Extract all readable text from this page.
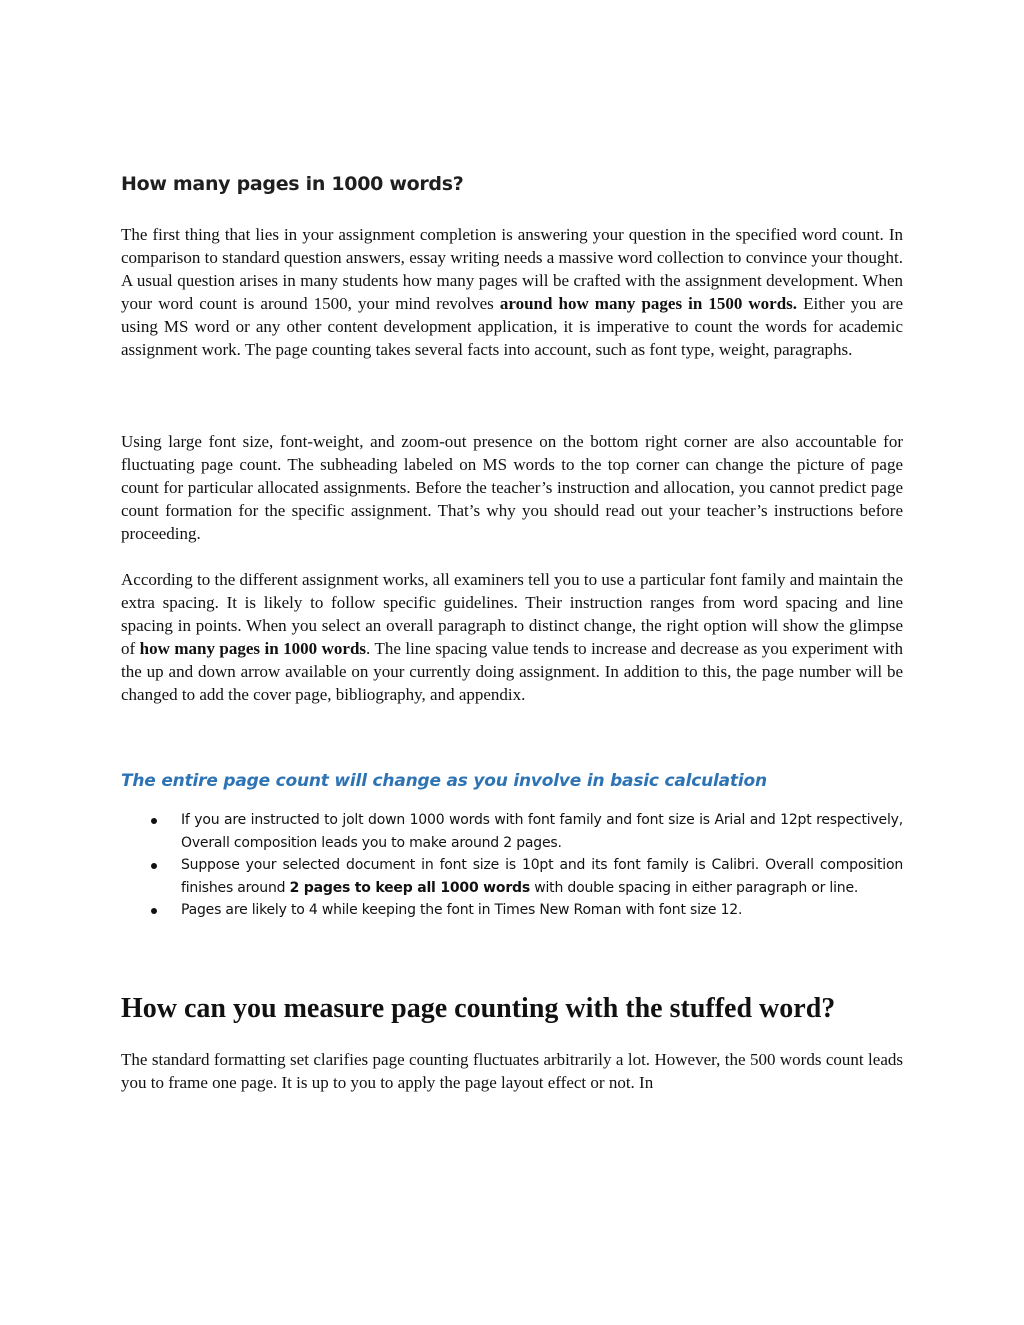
How many pages in 1000 words?

The first thing that lies in your assignment completion is answering your question in the specified word count. In comparison to standard question answers, essay writing needs a massive word collection to convince your thought. A usual question arises in many students how many pages will be crafted with the assignment development. When your word count is around 1500, your mind revolves around how many pages in 1500 words. Either you are using MS word or any other content development application, it is imperative to count the words for academic assignment work. The page counting takes several facts into account, such as font type, weight, paragraphs.

Using large font size, font-weight, and zoom-out presence on the bottom right corner are also accountable for fluctuating page count. The subheading labeled on MS words to the top corner can change the picture of page count for particular allocated assignments. Before the teacher’s instruction and allocation, you cannot predict page count formation for the specific assignment. That’s why you should read out your teacher’s instructions before proceeding.

According to the different assignment works, all examiners tell you to use a particular font family and maintain the extra spacing. It is likely to follow specific guidelines. Their instruction ranges from word spacing and line spacing in points. When you select an overall paragraph to distinct change, the right option will show the glimpse of how many pages in 1000 words. The line spacing value tends to increase and decrease as you experiment with the up and down arrow available on your currently doing assignment. In addition to this, the page number will be changed to add the cover page, bibliography, and appendix.

The entire page count will change as you involve in basic calculation
If you are instructed to jolt down 1000 words with font family and font size is Arial and 12pt respectively, Overall composition leads you to make around 2 pages.
Suppose your selected document in font size is 10pt and its font family is Calibri. Overall composition finishes around 2 pages to keep all 1000 words with double spacing in either paragraph or line.
Pages are likely to 4 while keeping the font in Times New Roman with font size 12.
How can you measure page counting with the stuffed word?

The standard formatting set clarifies page counting fluctuates arbitrarily a lot. However, the 500 words count leads you to frame one page. It is up to you to apply the page layout effect or not. In
